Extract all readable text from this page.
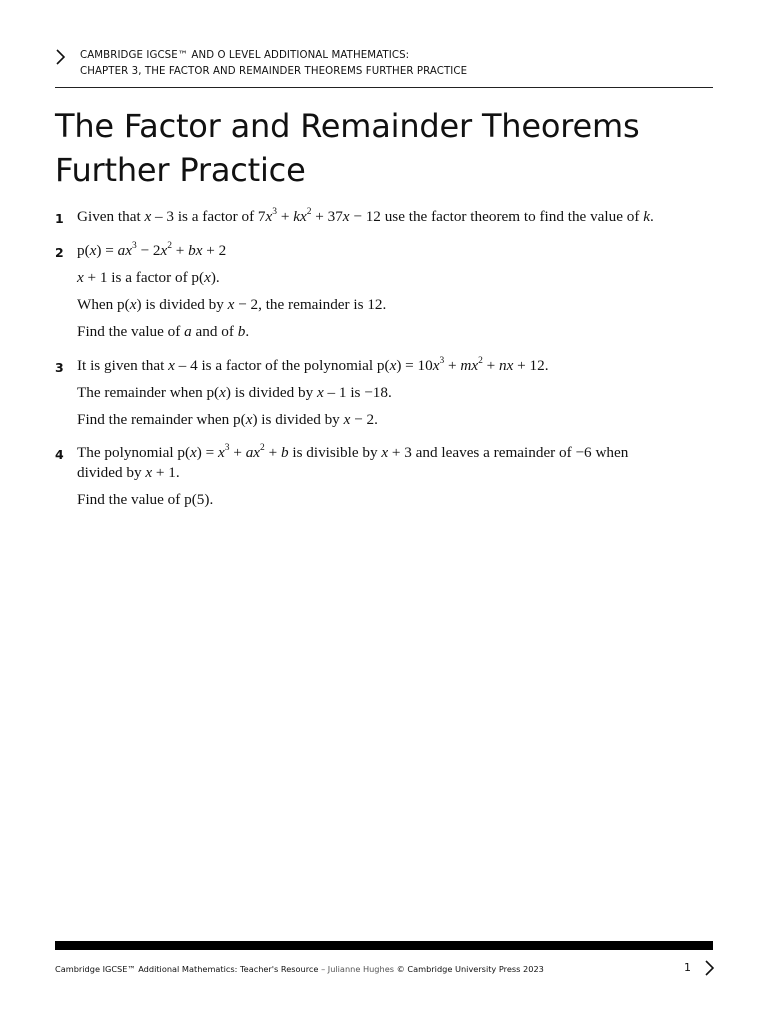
CAMBRIDGE IGCSE™ AND O LEVEL ADDITIONAL MATHEMATICS:
CHAPTER 3, THE FACTOR AND REMAINDER THEOREMS FURTHER PRACTICE
The Factor and Remainder Theorems
Further Practice
1 Given that x – 3 is a factor of $7x^3 + kx^2 + 37x - 12$ use the factor theorem to find the value of k.
2 $p(x) = ax^3 - 2x^2$ + bx + 2
x + 1 is a factor of p(x).
When p(x) is divided by x − 2, the remainder is 12.
Find the value of a and of b.
3 It is given that x – 4 is a factor of the polynomial $p(x) = 10x^3 + mx^2$ + nx + 12.
The remainder when p(x) is divided by x – 1 is −18.
Find the remainder when p(x) is divided by x − 2.
4 The polynomial $p(x) = x^3 + ax^2 + b$ is divisible by x + 3 and leaves a remainder of −6 when
divided by x + 1.
Find the value of p(5).
Cambridge IGCSE™ Additional Mathematics: Teacher's Resource – Julianne Hughes © Cambridge University Press 2023	1
